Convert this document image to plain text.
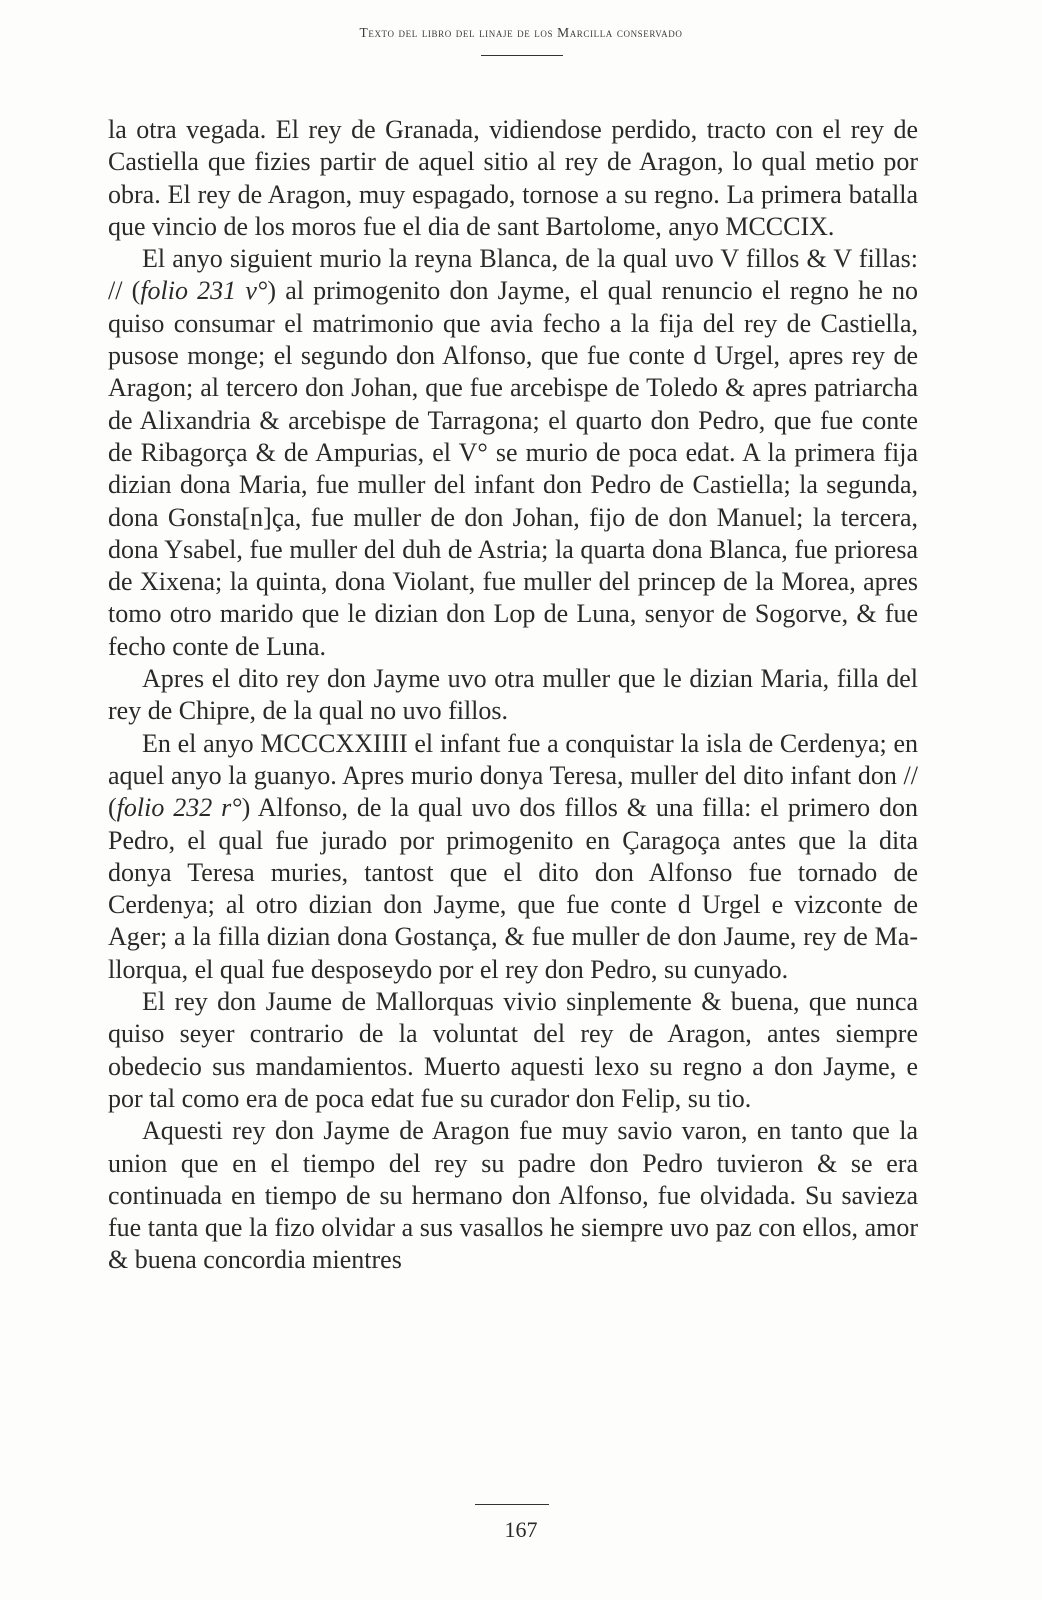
Texto del libro del linaje de los Marcilla conservado

la otra vegada. El rey de Granada, vidiendose perdido, tracto con el rey de Castiella que fizies partir de aquel sitio al rey de Aragon, lo qual metio por obra. El rey de Aragon, muy espagado, tornose a su regno. La primera batalla que vincio de los moros fue el dia de sant Bartolome, anyo MCCCIX.

El anyo siguient murio la reyna Blanca, de la qual uvo V fillos & V fillas: // (folio 231 v°) al primogenito don Jayme, el qual renuncio el regno he no quiso consumar el matrimonio que avia fecho a la fija del rey de Castiella, pusose monge; el segundo don Alfonso, que fue conte d Urgel, apres rey de Aragon; al tercero don Johan, que fue arcebispe de Toledo & apres patriarcha de Alixandria & arcebispe de Tarragona; el quarto don Pedro, que fue conte de Ribagorça & de Ampurias, el V° se murio de poca edat. A la primera fija dizian dona Maria, fue muller del infant don Pedro de Castiella; la segunda, dona Gonsta[n]ça, fue muller de don Johan, fijo de don Manuel; la tercera, dona Ysabel, fue muller del duh de Astria; la quarta dona Blanca, fue prioresa de Xixena; la quinta, dona Violant, fue muller del princep de la Morea, apres tomo otro marido que le dizian don Lop de Luna, senyor de Sogorve, & fue fecho conte de Luna.

Apres el dito rey don Jayme uvo otra muller que le dizian Maria, filla del rey de Chipre, de la qual no uvo fillos.

En el anyo MCCCXXIIII el infant fue a conquistar la isla de Cerdenya; en aquel anyo la guanyo. Apres murio donya Teresa, muller del dito infant don // (folio 232 r°) Alfonso, de la qual uvo dos fillos & una filla: el primero don Pedro, el qual fue jurado por primogenito en Çaragoça antes que la dita donya Teresa muries, tantost que el dito don Alfonso fue tornado de Cerdenya; al otro dizian don Jayme, que fue conte d Urgel e vizconte de Ager; a la filla dizian dona Gostança, & fue muller de don Jaume, rey de Mallorqua, el qual fue desposeydo por el rey don Pedro, su cunyado.

El rey don Jaume de Mallorquas vivio sinplemente & buena, que nunca quiso seyer contrario de la voluntat del rey de Aragon, antes siempre obedecio sus mandamientos. Muerto aquesti lexo su regno a don Jayme, e por tal como era de poca edat fue su curador don Felip, su tio.

Aquesti rey don Jayme de Aragon fue muy savio varon, en tanto que la union que en el tiempo del rey su padre don Pedro tuvieron & se era continuada en tiempo de su hermano don Alfonso, fue olvidada. Su savieza fue tanta que la fizo olvidar a sus vasallos he siempre uvo paz con ellos, amor & buena concordia mientres

167
